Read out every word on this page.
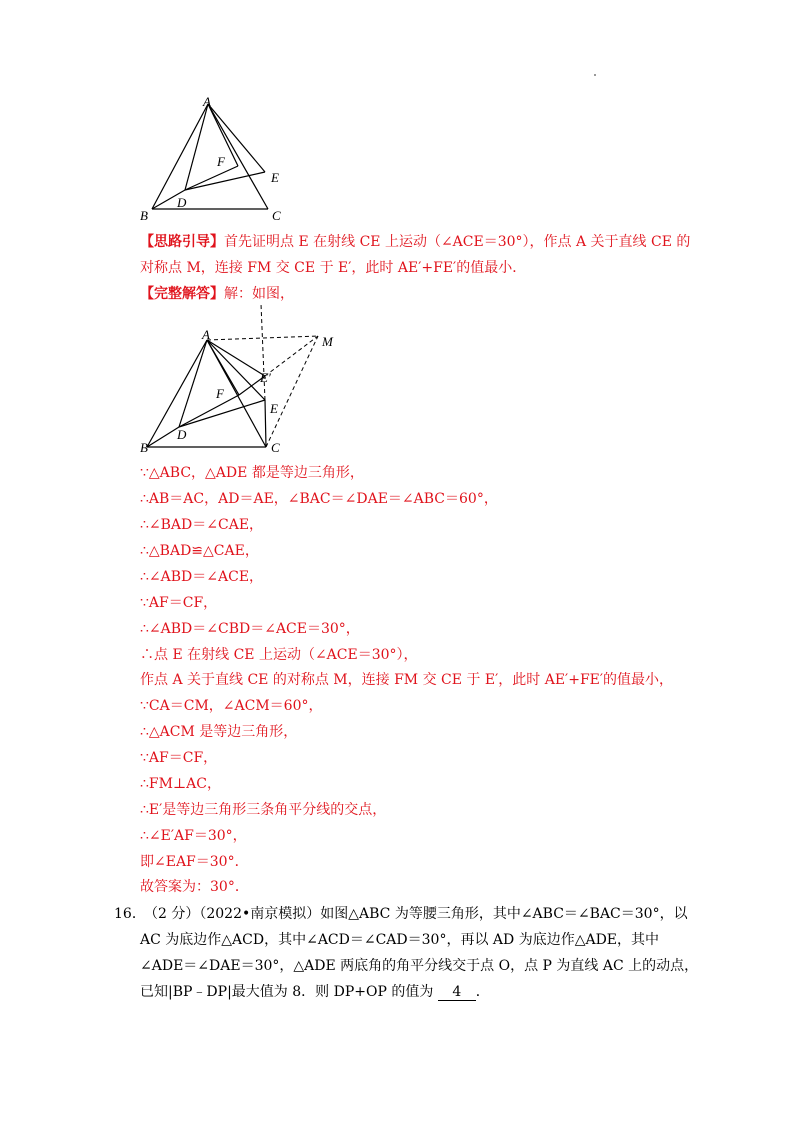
A
F
E
D
B	C
【思路引导】首先证明点 E 在射线 CE 上运动（∠ACE＝30°），作点 A 关于直线 CE 的
对称点 M，连接 FM 交 CE 于 E′，此时 AE′+FE′的值最小．
【完整解答】解：如图，
A	M
E′
F
E
D
B	C
∵△ABC，△ADE 都是等边三角形，
∴AB＝AC，AD＝AE，∠BAC＝∠DAE＝∠ABC＝60°，
∴∠BAD＝∠CAE，
∴△BAD≌△CAE，
∴∠ABD＝∠ACE，
∵AF＝CF，
∴∠ABD＝∠CBD＝∠ACE＝30°，
∴点 E 在射线 CE 上运动（∠ACE＝30°），
作点 A 关于直线 CE 的对称点 M，连接 FM 交 CE 于 E′，此时 AE′+FE′的值最小，
∵CA＝CM，∠ACM＝60°，
∴△ACM 是等边三角形，
∵AF＝CF，
∴FM⊥AC，
∴E′是等边三角形三条角平分线的交点，
∴∠E′AF＝30°，
即∠EAF＝30°．
故答案为：30°．
16．
（2 分）（2022•南京模拟）如图△ABC 为等腰三角形，其中∠ABC＝∠BAC＝30°，以
AC 为底边作△ACD，其中∠ACD＝∠CAD＝30°，再以 AD 为底边作△ADE，其中
∠ADE＝∠DAE＝30°，△ADE 两底角的角平分线交于点 O，点 P 为直线 AC 上的动点，
已知|BP﹣DP|最大值为 8．则 DP+OP 的值为 4 ．
